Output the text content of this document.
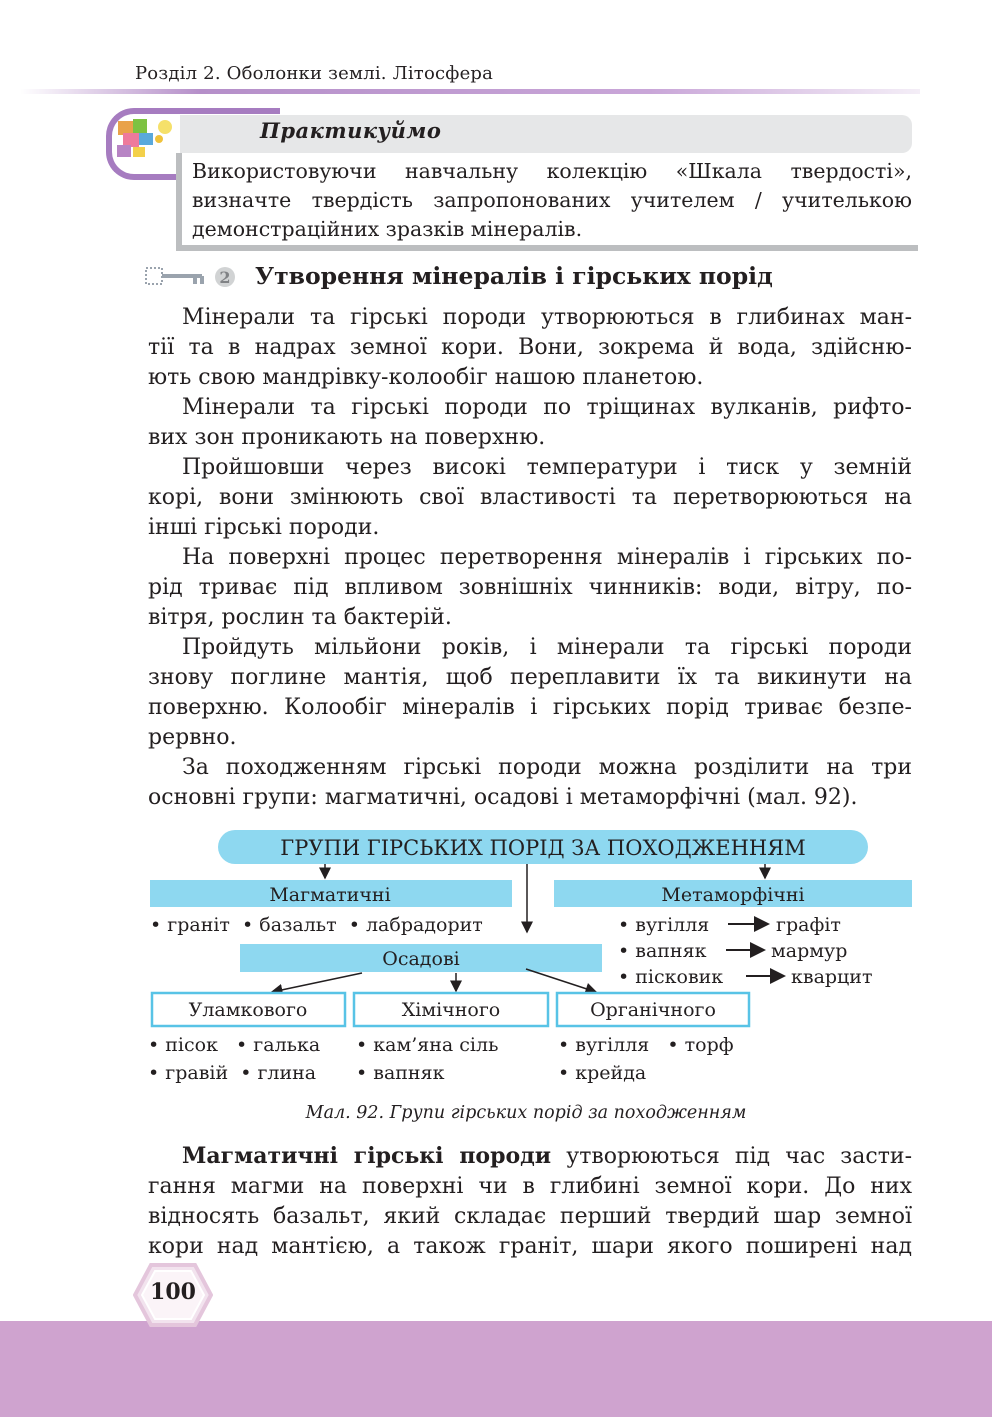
Розділ 2. Оболонки землі. Літосфера
Практикуймо
Використовуючи навчальну колекцію «Шкала твердості»,
визначте твердість запропонованих учителем / учителькою
демонстраційних зразків мінералів.
2 Утворення мінералів і гірських порід
Мінерали та гірські породи утворюються в глибинах ман-
тії та в надрах земної кори. Вони, зокрема й вода, здійсню-
ють свою мандрівку-колообіг нашою планетою.
Мінерали та гірські породи по тріщинах вулканів, рифто-
вих зон проникають на поверхню.
Пройшовши через високі температури і тиск у земній
корі, вони змінюють свої властивості та перетворюються на
інші гірські породи.
На поверхні процес перетворення мінералів і гірських по-
рід триває під впливом зовнішніх чинників: води, вітру, по-
вітря, рослин та бактерій.
Пройдуть мільйони років, і мінерали та гірські породи
знову поглине мантія, щоб переплавити їх та викинути на
поверхню. Колообіг мінералів і гірських порід триває безпе-
рервно.
За походженням гірські породи можна розділити на три
основні групи: магматичні, осадові і метаморфічні (мал. 92).
ГРУПИ ГІРСЬКИХ ПОРІД ЗА ПОХОДЖЕННЯМ
Магматичні
• граніт  • базальт  • лабрадорит
Метаморфічні
• вугілля	графіт
• вапняк	мармур
• пісковик	кварцит
Осадові
Уламкового
• пісок   • галька
• гравій  • глина
Хімічного
• кам’яна сіль
• вапняк
Органічного
• вугілля   • торф
• крейда
Мал. 92. Групи гірських порід за походженням
Магматичні гірські породи утворюються під час засти-
гання магми на поверхні чи в глибині земної кори. До них
відносять базальт, який складає перший твердий шар земної
кори над мантією, а також граніт, шари якого поширені над
100
